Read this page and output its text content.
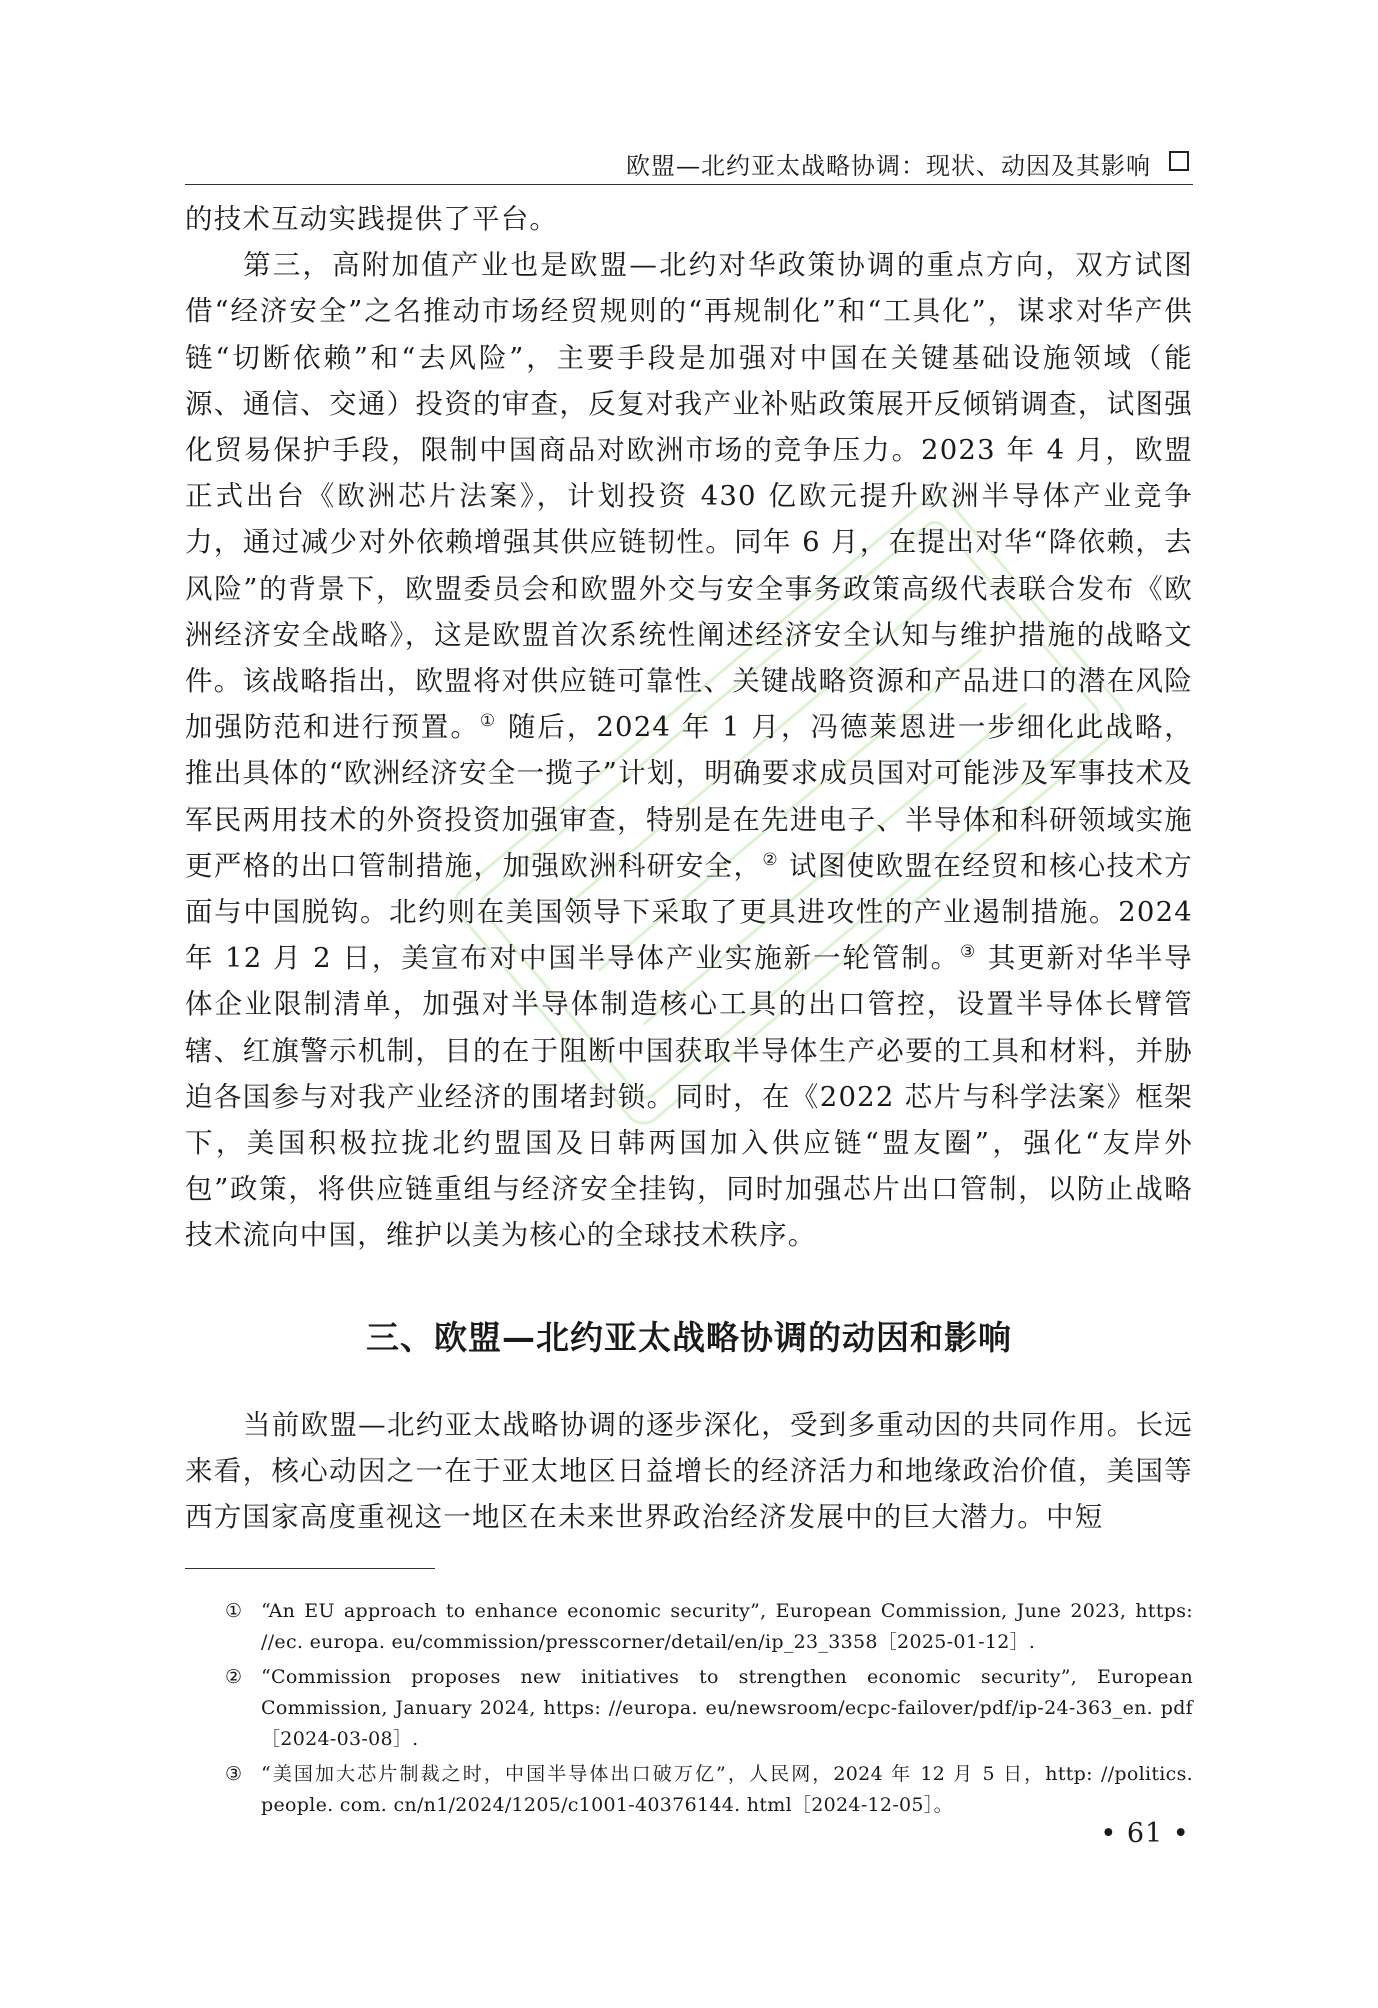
欧盟—北约亚太战略协调：现状、动因及其影响

的技术互动实践提供了平台。

第三，高附加值产业也是欧盟—北约对华政策协调的重点方向，双方试图借“经济安全”之名推动市场经贸规则的“再规制化”和“工具化”，谋求对华产供链“切断依赖”和“去风险”，主要手段是加强对中国在关键基础设施领域（能源、通信、交通）投资的审查，反复对我产业补贴政策展开反倾销调查，试图强化贸易保护手段，限制中国商品对欧洲市场的竞争压力。2023 年 4 月，欧盟正式出台《欧洲芯片法案》，计划投资 430 亿欧元提升欧洲半导体产业竞争力，通过减少对外依赖增强其供应链韧性。同年 6 月，在提出对华“降依赖，去风险”的背景下，欧盟委员会和欧盟外交与安全事务政策高级代表联合发布《欧洲经济安全战略》，这是欧盟首次系统性阐述经济安全认知与维护措施的战略文件。该战略指出，欧盟将对供应链可靠性、关键战略资源和产品进口的潜在风险加强防范和进行预置。① 随后，2024 年 1 月，冯德莱恩进一步细化此战略，推出具体的“欧洲经济安全一揽子”计划，明确要求成员国对可能涉及军事技术及军民两用技术的外资投资加强审查，特别是在先进电子、半导体和科研领域实施更严格的出口管制措施，加强欧洲科研安全，② 试图使欧盟在经贸和核心技术方面与中国脱钩。北约则在美国领导下采取了更具进攻性的产业遏制措施。2024 年 12 月 2 日，美宣布对中国半导体产业实施新一轮管制。③ 其更新对华半导体企业限制清单，加强对半导体制造核心工具的出口管控，设置半导体长臂管辖、红旗警示机制，目的在于阻断中国获取半导体生产必要的工具和材料，并胁迫各国参与对我产业经济的围堵封锁。同时，在《2022 芯片与科学法案》框架下，美国积极拉拢北约盟国及日韩两国加入供应链“盟友圈”，强化“友岸外包”政策，将供应链重组与经济安全挂钩，同时加强芯片出口管制，以防止战略技术流向中国，维护以美为核心的全球技术秩序。

三、欧盟—北约亚太战略协调的动因和影响

当前欧盟—北约亚太战略协调的逐步深化，受到多重动因的共同作用。长远来看，核心动因之一在于亚太地区日益增长的经济活力和地缘政治价值，美国等西方国家高度重视这一地区在未来世界政治经济发展中的巨大潜力。中短

① “An EU approach to enhance economic security”, European Commission, June 2023, https: //ec. europa. eu/commission/presscorner/detail/en/ip_23_3358［2025-01-12］.
② “Commission proposes new initiatives to strengthen economic security”, European Commission, January 2024, https: //europa. eu/newsroom/ecpc-failover/pdf/ip-24-363_en. pdf［2024-03-08］.
③ “美国加大芯片制裁之时，中国半导体出口破万亿”，人民网，2024 年 12 月 5 日，http: //politics. people. com. cn/n1/2024/1205/c1001-40376144. html［2024-12-05］。
• 61 •
